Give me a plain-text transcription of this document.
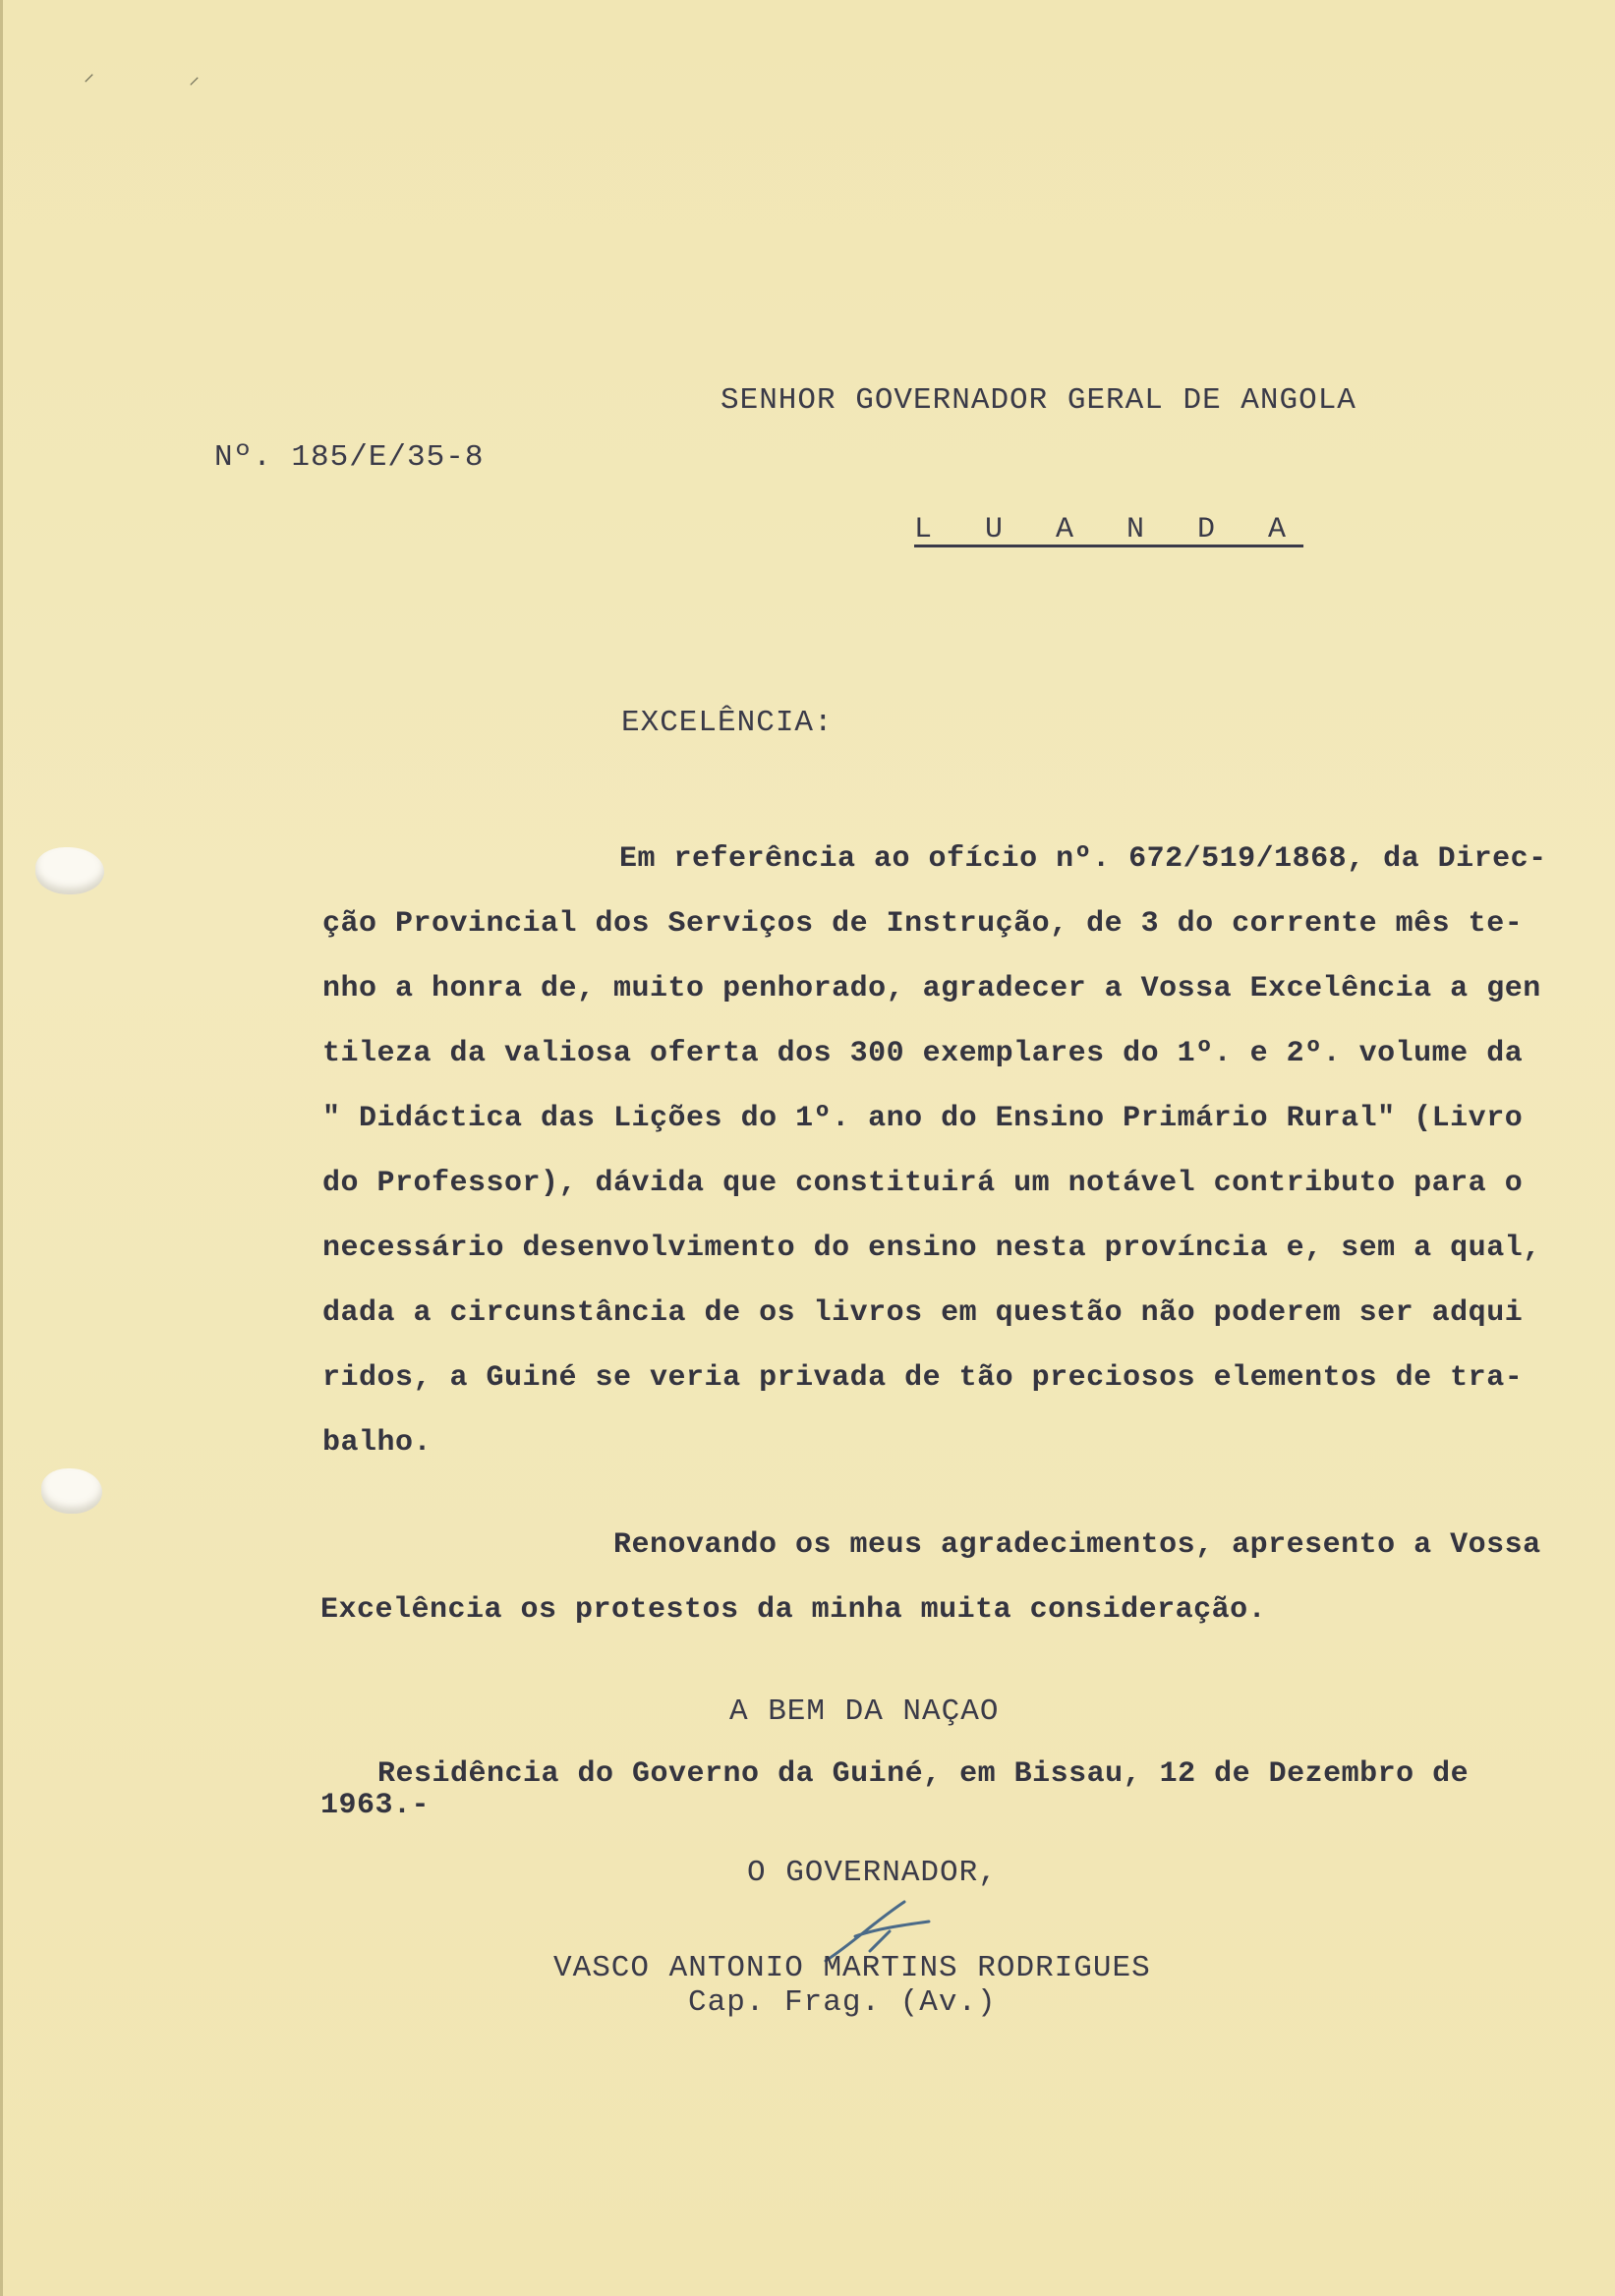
⸍	⸝
SENHOR GOVERNADOR GERAL DE ANGOLA
Nº. 185/E/35-8
L U A N D A
EXCELÊNCIA:
Em referência ao ofício nº. 672/519/1868, da Direc-
ção Provincial dos Serviços de Instrução, de 3 do corrente mês te-
nho a honra de, muito penhorado, agradecer a Vossa Excelência a gen
tileza da valiosa oferta dos 300 exemplares do 1º. e 2º. volume da
" Didáctica das Lições do 1º. ano do Ensino Primário Rural" (Livro
do Professor), dávida que constituirá um notável contributo para o
necessário desenvolvimento do ensino nesta província e, sem a qual,
dada a circunstância de os livros em questão não poderem ser adqui
ridos, a Guiné se veria privada de tão preciosos elementos de tra-
balho.
Renovando os meus agradecimentos, apresento a Vossa
Excelência os protestos da minha muita consideração.
A BEM DA NAÇAO
Residência do Governo da Guiné, em Bissau, 12 de Dezembro de
1963.-
O GOVERNADOR,
VASCO ANTONIO MARTINS RODRIGUES
Cap. Frag. (Av.)
